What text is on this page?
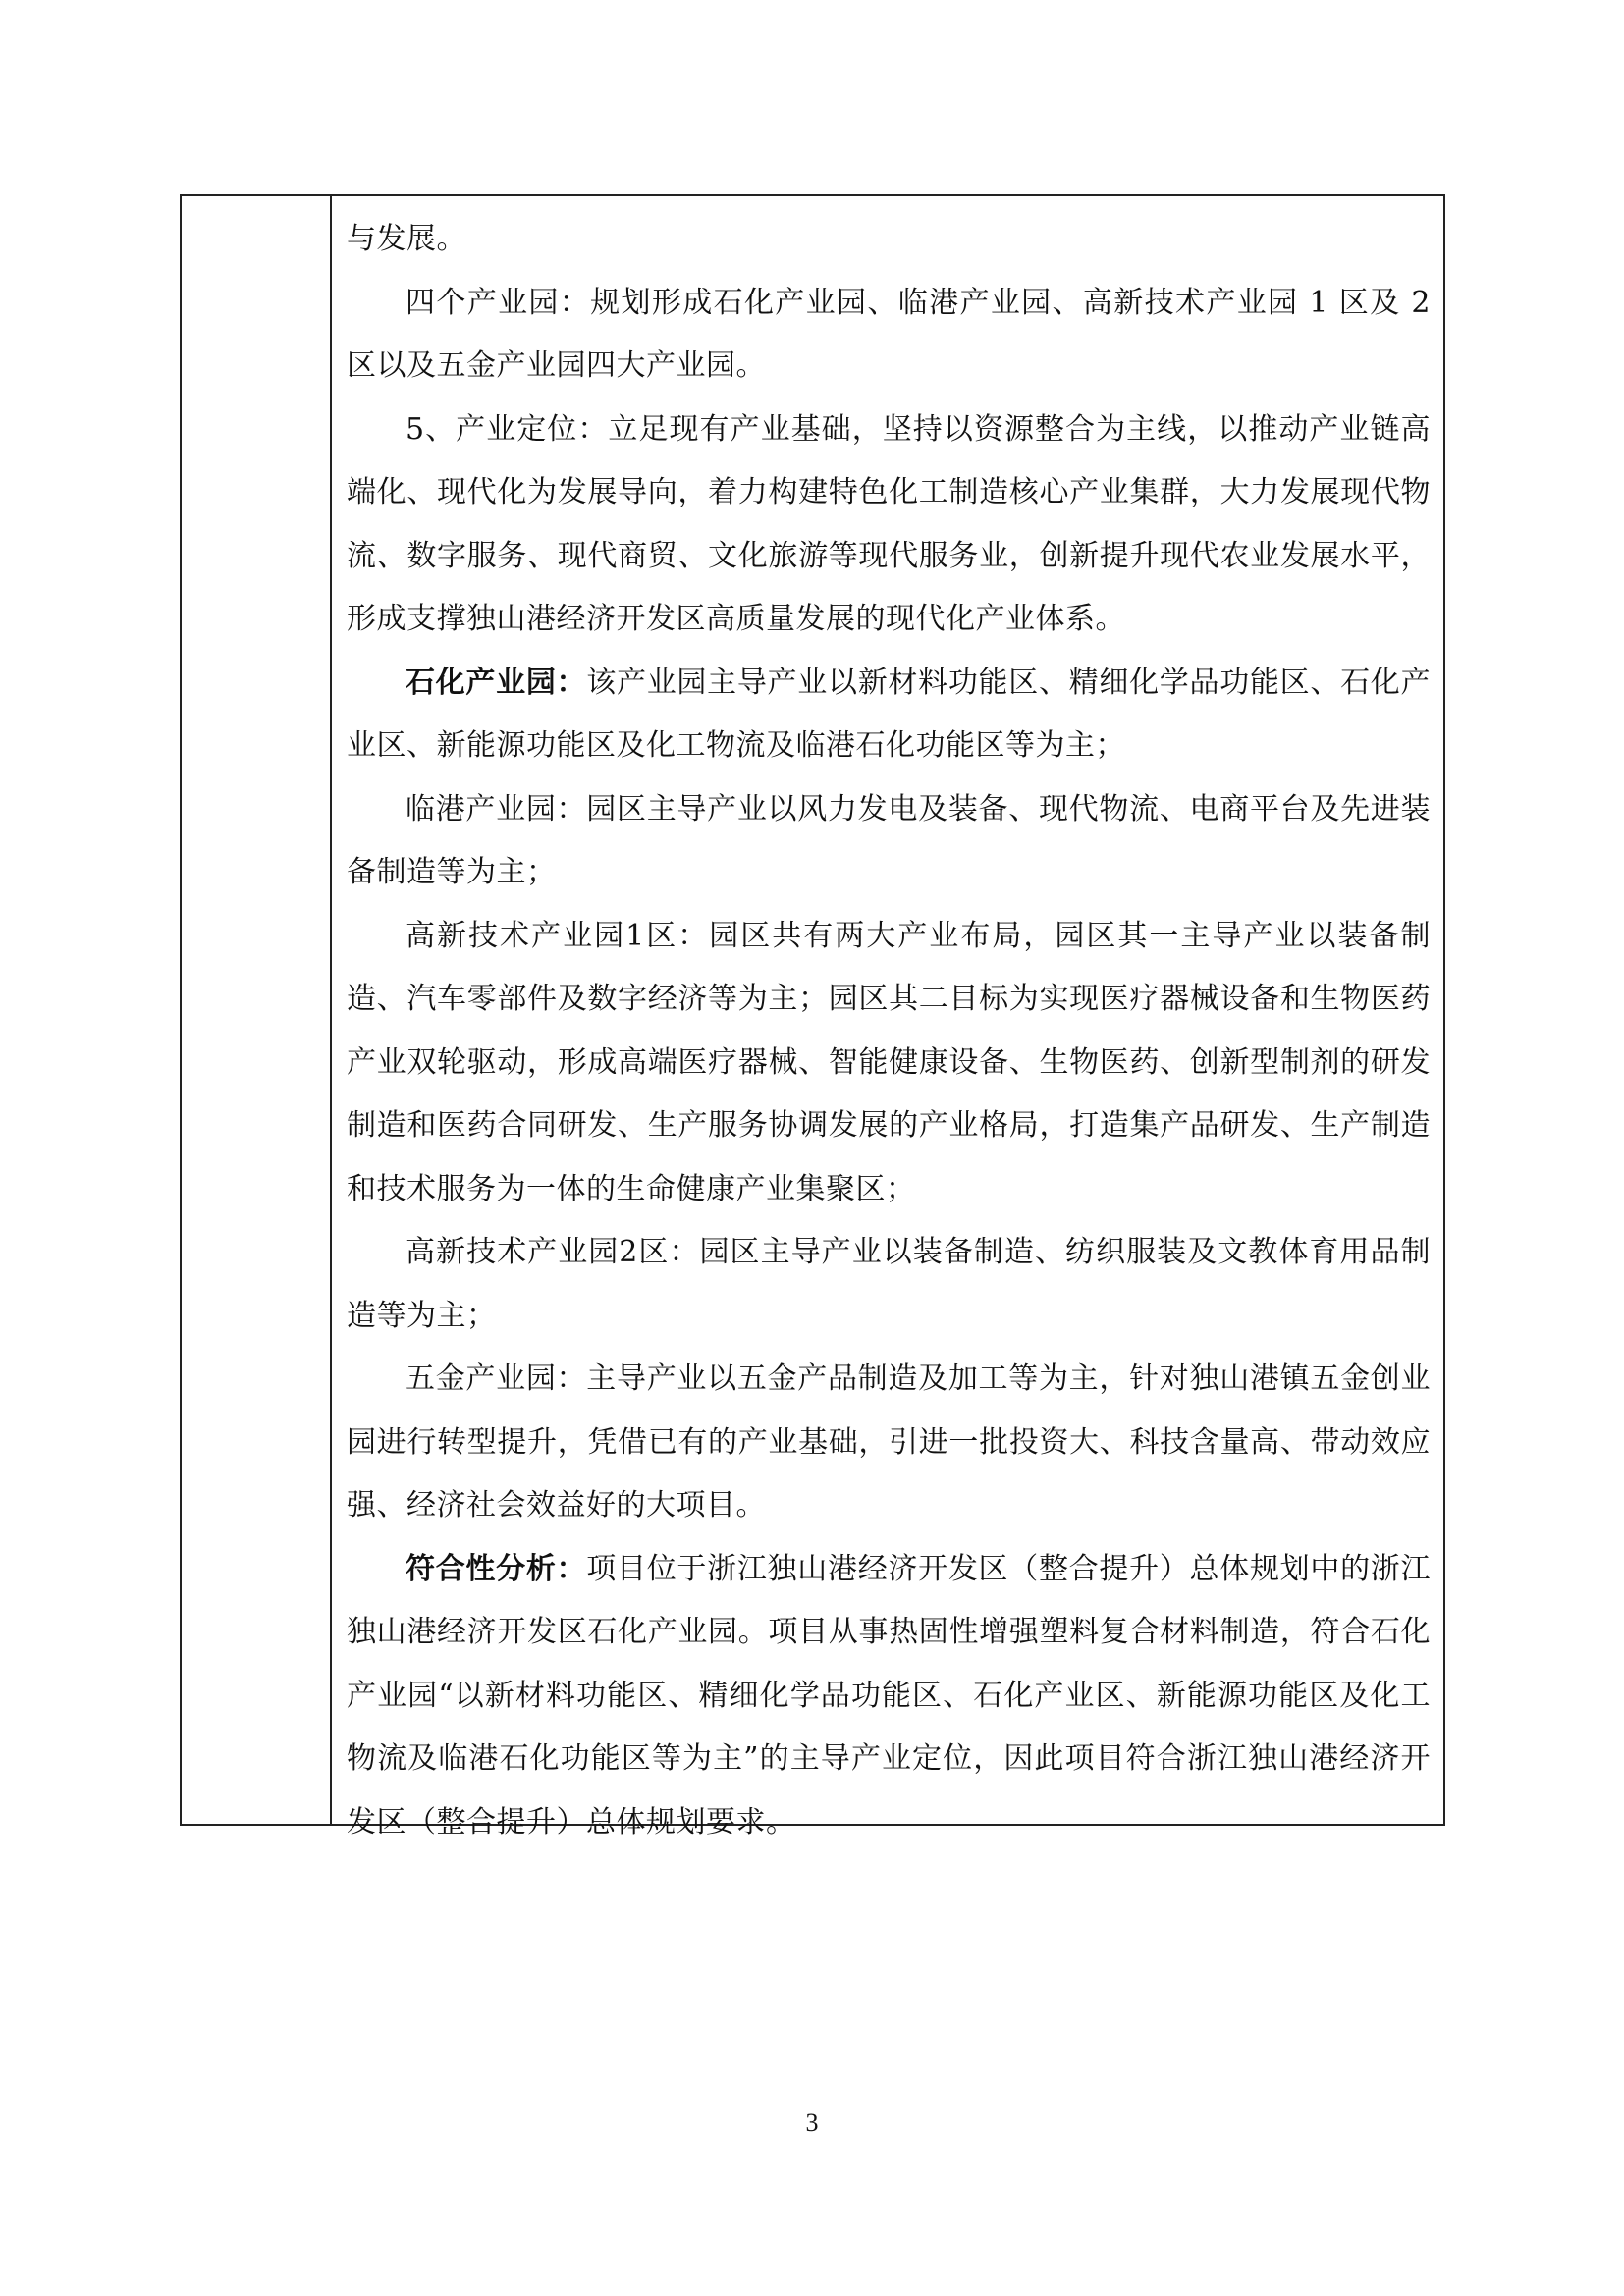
与发展。

四个产业园：规划形成石化产业园、临港产业园、高新技术产业园 1 区及 2 区以及五金产业园四大产业园。

5、产业定位：立足现有产业基础，坚持以资源整合为主线，以推动产业链高端化、现代化为发展导向，着力构建特色化工制造核心产业集群，大力发展现代物流、数字服务、现代商贸、文化旅游等现代服务业，创新提升现代农业发展水平，形成支撑独山港经济开发区高质量发展的现代化产业体系。

石化产业园：该产业园主导产业以新材料功能区、精细化学品功能区、石化产业区、新能源功能区及化工物流及临港石化功能区等为主；

临港产业园：园区主导产业以风力发电及装备、现代物流、电商平台及先进装备制造等为主；

高新技术产业园1区：园区共有两大产业布局，园区其一主导产业以装备制造、汽车零部件及数字经济等为主；园区其二目标为实现医疗器械设备和生物医药产业双轮驱动，形成高端医疗器械、智能健康设备、生物医药、创新型制剂的研发制造和医药合同研发、生产服务协调发展的产业格局，打造集产品研发、生产制造和技术服务为一体的生命健康产业集聚区；

高新技术产业园2区：园区主导产业以装备制造、纺织服装及文教体育用品制造等为主；

五金产业园：主导产业以五金产品制造及加工等为主，针对独山港镇五金创业园进行转型提升，凭借已有的产业基础，引进一批投资大、科技含量高、带动效应强、经济社会效益好的大项目。

符合性分析：项目位于浙江独山港经济开发区（整合提升）总体规划中的浙江独山港经济开发区石化产业园。项目从事热固性增强塑料复合材料制造，符合石化产业园“以新材料功能区、精细化学品功能区、石化产业区、新能源功能区及化工物流及临港石化功能区等为主”的主导产业定位，因此项目符合浙江独山港经济开发区（整合提升）总体规划要求。

3
